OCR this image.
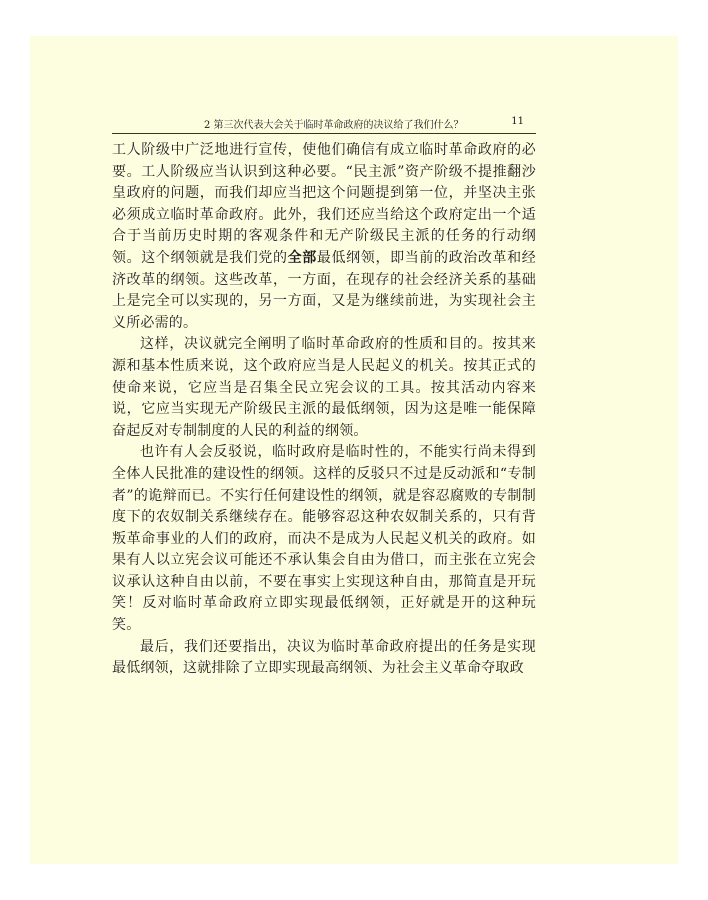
2 第三次代表大会关于临时革命政府的决议给了我们什么？	11

工人阶级中广泛地进行宣传，使他们确信有成立临时革命政府的必要。工人阶级应当认识到这种必要。“民主派”资产阶级不提推翻沙皇政府的问题，而我们却应当把这个问题提到第一位，并坚决主张必须成立临时革命政府。此外，我们还应当给这个政府定出一个适合于当前历史时期的客观条件和无产阶级民主派的任务的行动纲领。这个纲领就是我们党的全部最低纲领，即当前的政治改革和经济改革的纲领。这些改革，一方面，在现存的社会经济关系的基础上是完全可以实现的，另一方面，又是为继续前进，为实现社会主义所必需的。

这样，决议就完全阐明了临时革命政府的性质和目的。按其来源和基本性质来说，这个政府应当是人民起义的机关。按其正式的使命来说，它应当是召集全民立宪会议的工具。按其活动内容来说，它应当实现无产阶级民主派的最低纲领，因为这是唯一能保障奋起反对专制制度的人民的利益的纲领。

也许有人会反驳说，临时政府是临时性的，不能实行尚未得到全体人民批准的建设性的纲领。这样的反驳只不过是反动派和“专制者”的诡辩而已。不实行任何建设性的纲领，就是容忍腐败的专制制度下的农奴制关系继续存在。能够容忍这种农奴制关系的，只有背叛革命事业的人们的政府，而决不是成为人民起义机关的政府。如果有人以立宪会议可能还不承认集会自由为借口，而主张在立宪会议承认这种自由以前，不要在事实上实现这种自由，那简直是开玩笑！反对临时革命政府立即实现最低纲领，正好就是开的这种玩笑。

最后，我们还要指出，决议为临时革命政府提出的任务是实现最低纲领，这就排除了立即实现最高纲领、为社会主义革命夺取政
